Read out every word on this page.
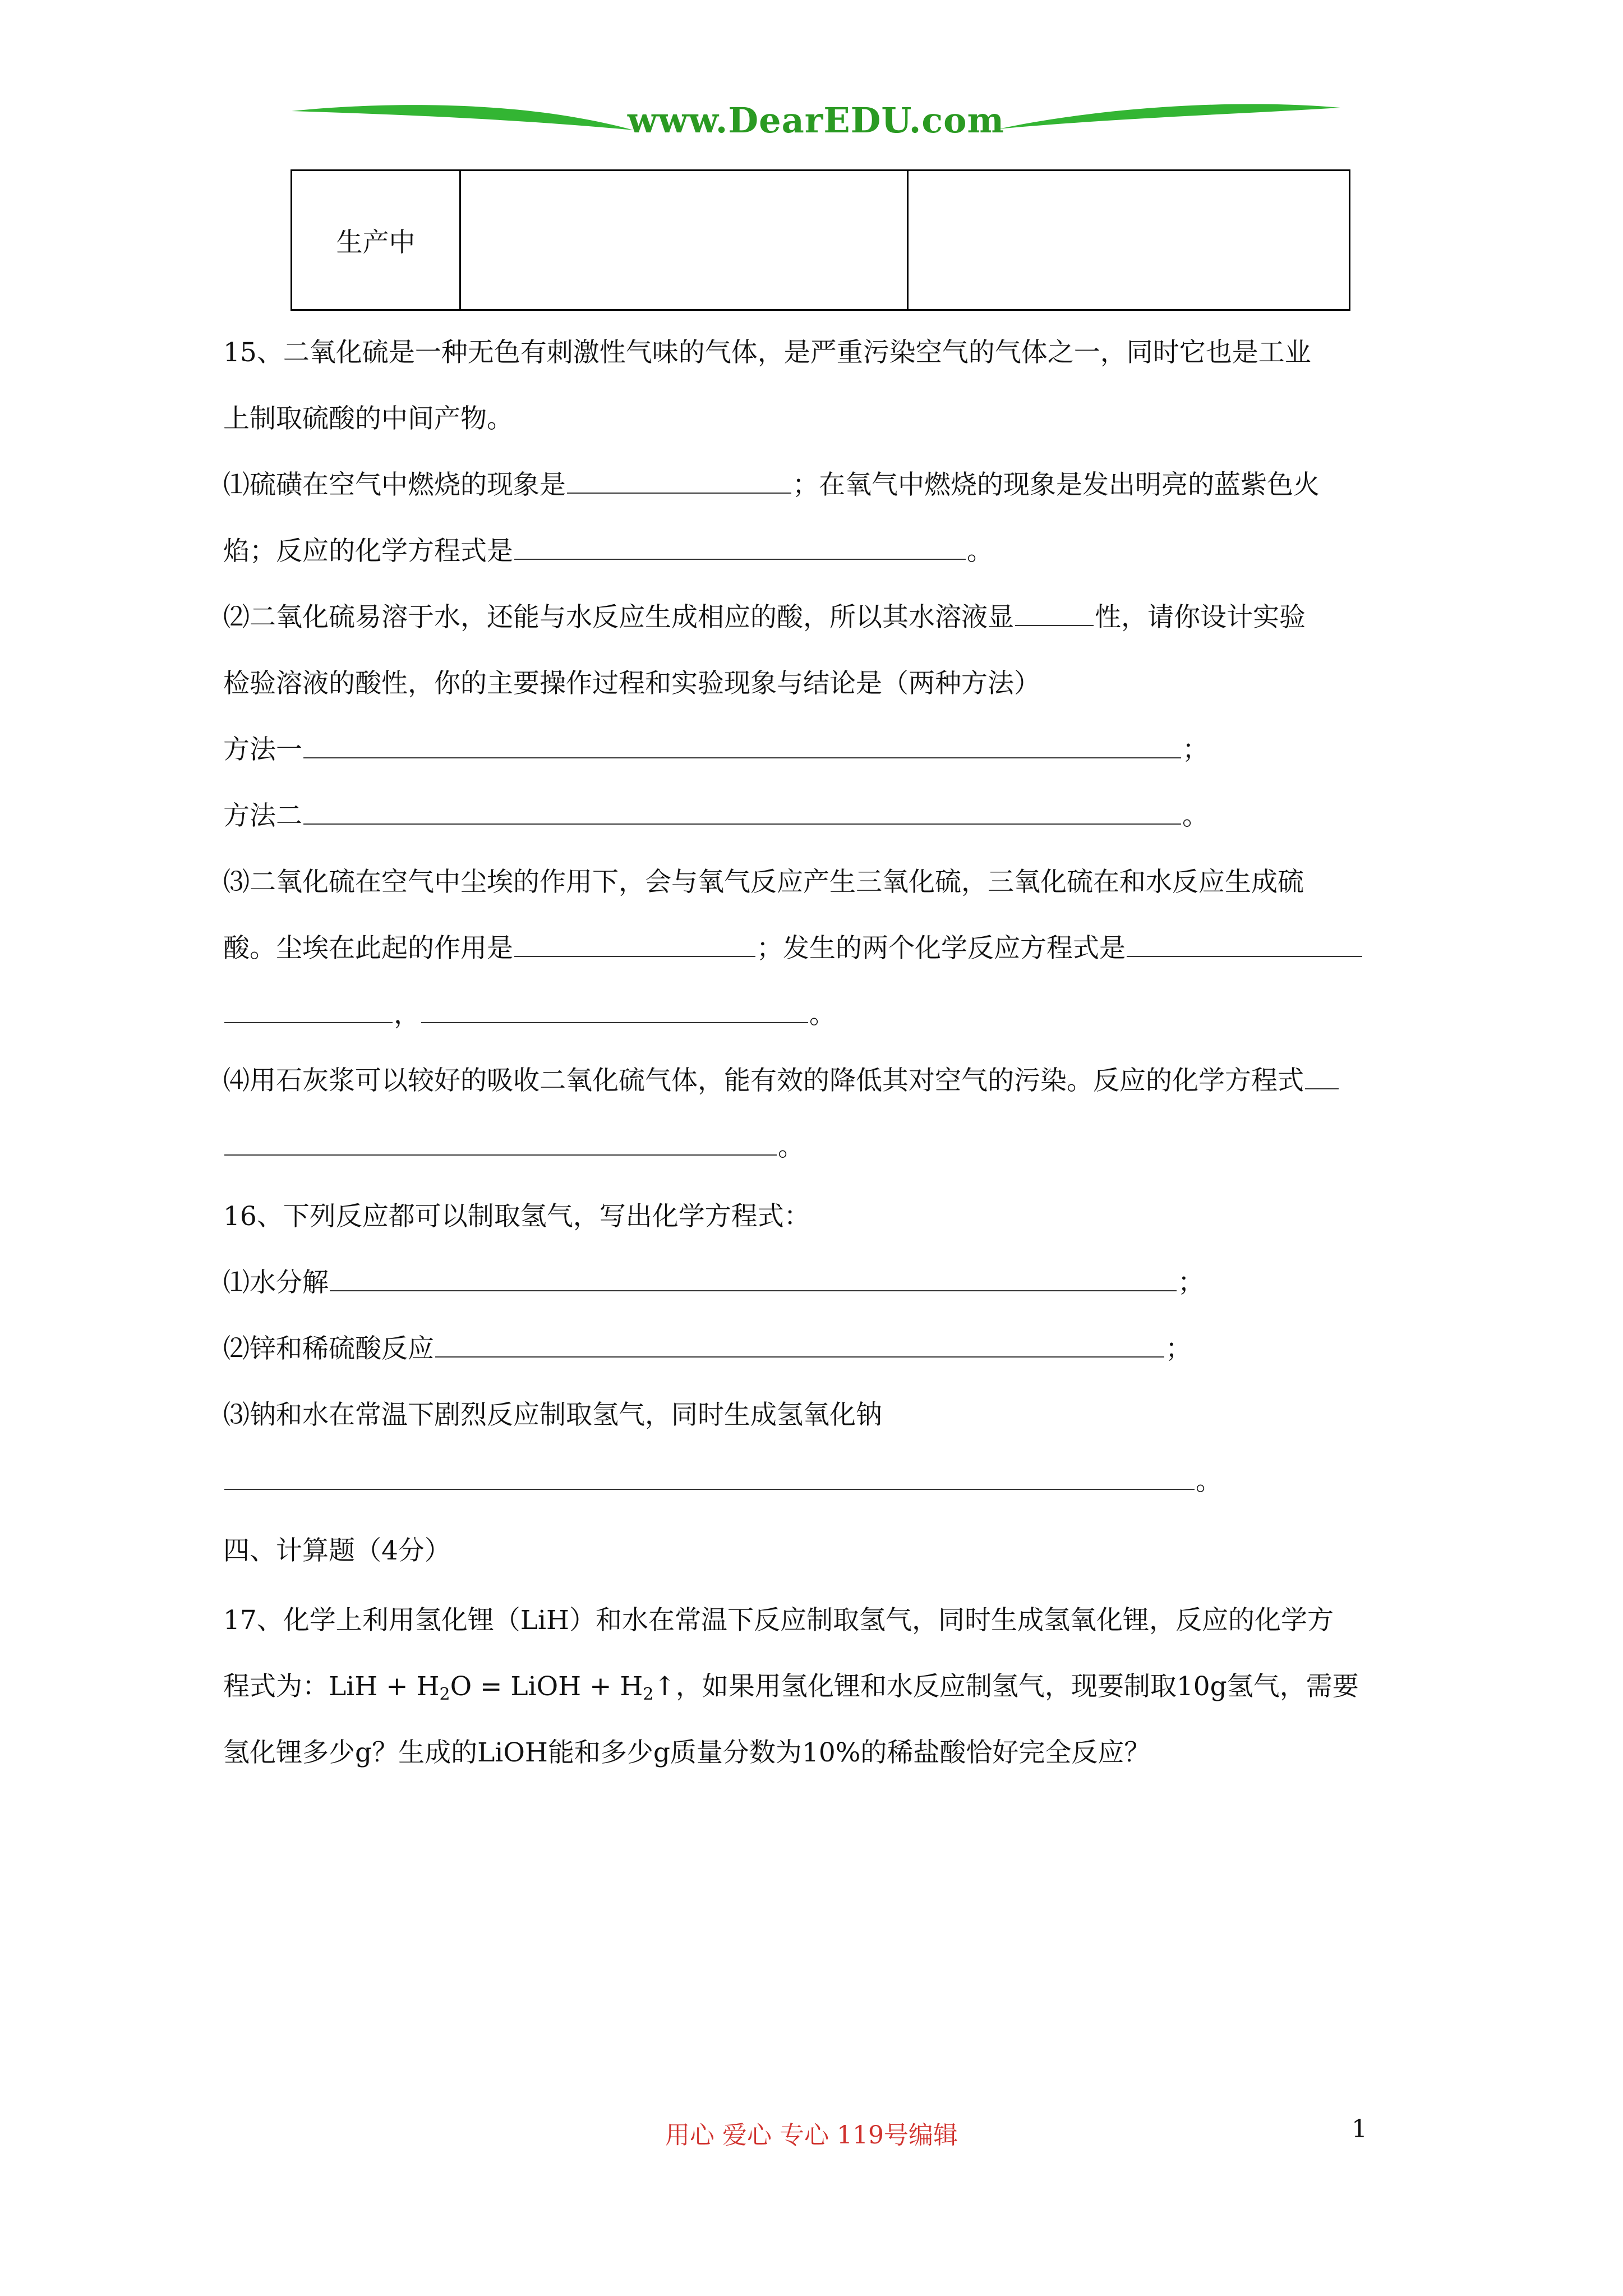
www.DearEDU.com
生产中		
15、二氧化硫是一种无色有刺激性气味的气体，是严重污染空气的气体之一，同时它也是工业
上制取硫酸的中间产物。
⑴硫磺在空气中燃烧的现象是	；在氧气中燃烧的现象是发出明亮的蓝紫色火
焰；反应的化学方程式是	。
⑵二氧化硫易溶于水，还能与水反应生成相应的酸，所以其水溶液显	性，请你设计实验
检验溶液的酸性，你的主要操作过程和实验现象与结论是（两种方法）
方法一	；
方法二	。
⑶二氧化硫在空气中尘埃的作用下，会与氧气反应产生三氧化硫，三氧化硫在和水反应生成硫
酸。尘埃在此起的作用是	；发生的两个化学反应方程式是
，	。
⑷用石灰浆可以较好的吸收二氧化硫气体，能有效的降低其对空气的污染。反应的化学方程式
。
16、下列反应都可以制取氢气，写出化学方程式：
⑴水分解	；
⑵锌和稀硫酸反应	；
⑶钠和水在常温下剧烈反应制取氢气，同时生成氢氧化钠
。
四、计算题（4分）
17、化学上利用氢化锂（LiH）和水在常温下反应制取氢气，同时生成氢氧化锂，反应的化学方
程式为：LiH + $H_2O$ = LiOH + $H_2↑$，如果用氢化锂和水反应制氢气，现要制取10g氢气，需要
氢化锂多少g？生成的LiOH能和多少g质量分数为10%的稀盐酸恰好完全反应？
用心 爱心 专心 119号编辑	1
